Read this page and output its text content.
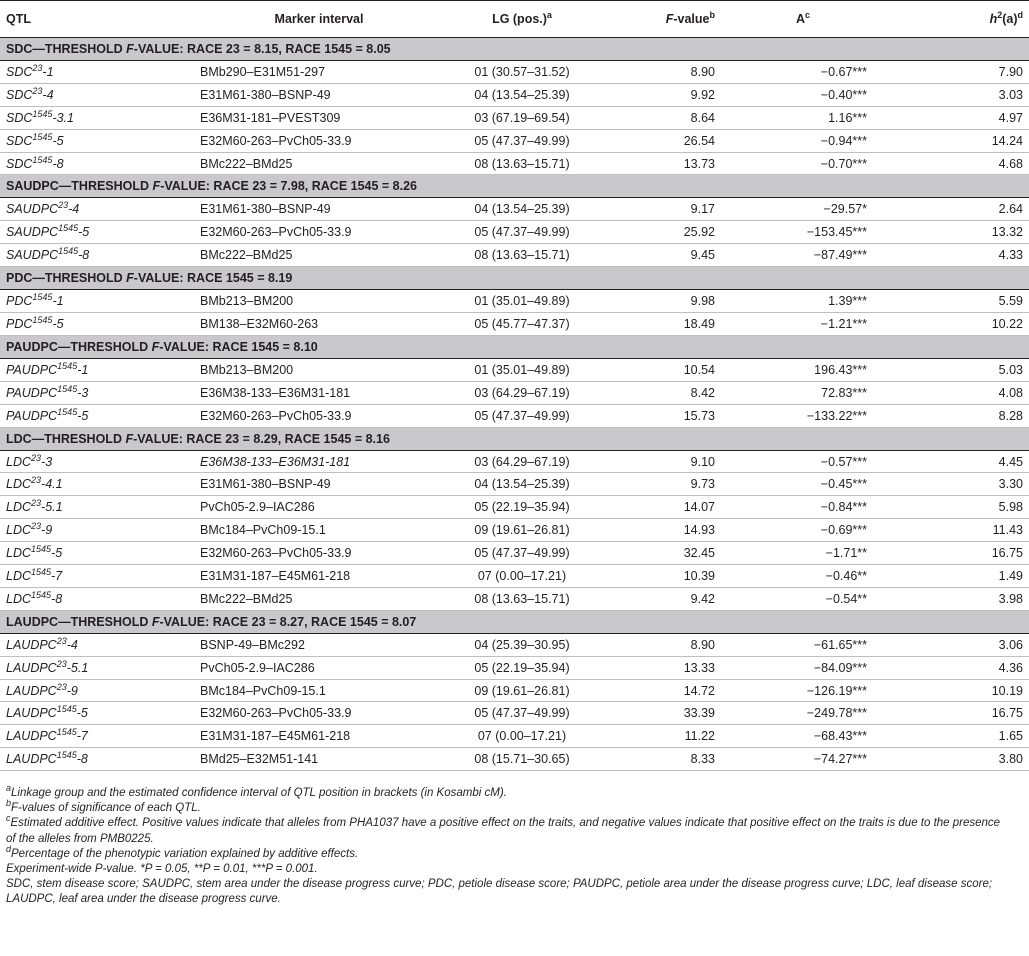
QTL	Marker interval	LG $(pos.)^a$	F-value$^b$	$A^c$	$h^2(a)^d$
SDC—THRESHOLD F-VALUE: RACE 23 = 8.15, RACE 1545 = 8.05					
SDC$^{23}$-1	BMb290–E31M51-297	01 (30.57–31.52)	8.90	−0.67***	7.90
SDC$^{23}$-4	E31M61-380–BSNP-49	04 (13.54–25.39)	9.92	−0.40***	3.03
$SDC^{1545}-3.1$	E36M31-181–PVEST309	03 (67.19–69.54)	8.64	1.16***	4.97
$SDC^{1545}-5$	E32M60-263–PvCh05-33.9	05 (47.37–49.99)	26.54	−0.94***	14.24
$SDC^{1545}-8$	BMc222–BMd25	08 (13.63–15.71)	13.73	−0.70***	4.68
SAUDPC—THRESHOLD F-VALUE: RACE 23 = 7.98, RACE 1545 = 8.26					
SAUDPC$^{23}$-4	E31M61-380–BSNP-49	04 (13.54–25.39)	9.17	−29.57*	2.64
$SAUDPC^{1545}-5$	E32M60-263–PvCh05-33.9	05 (47.37–49.99)	25.92	−153.45***	13.32
$SAUDPC^{1545}-8$	BMc222–BMd25	08 (13.63–15.71)	9.45	−87.49***	4.33
PDC—THRESHOLD F-VALUE: RACE 1545 = 8.19					
$PDC^{1545}-1$	BMb213–BM200	01 (35.01–49.89)	9.98	1.39***	5.59
$PDC^{1545}-5$	BM138–E32M60-263	05 (45.77–47.37)	18.49	−1.21***	10.22
PAUDPC—THRESHOLD F-VALUE: RACE 1545 = 8.10					
$PAUDPC^{1545}-1$	BMb213–BM200	01 (35.01–49.89)	10.54	196.43***	5.03
$PAUDPC^{1545}-3$	E36M38-133–E36M31-181	03 (64.29–67.19)	8.42	72.83***	4.08
$PAUDPC^{1545}-5$	E32M60-263–PvCh05-33.9	05 (47.37–49.99)	15.73	−133.22***	8.28
LDC—THRESHOLD F-VALUE: RACE 23 = 8.29, RACE 1545 = 8.16					
LDC$^{23}$-3	E36M38-133–E36M31-181	03 (64.29–67.19)	9.10	−0.57***	4.45
LDC$^{23}$-4.1	E31M61-380–BSNP-49	04 (13.54–25.39)	9.73	−0.45***	3.30
LDC$^{23}$-5.1	PvCh05-2.9–IAC286	05 (22.19–35.94)	14.07	−0.84***	5.98
LDC$^{23}$-9	BMc184–PvCh09-15.1	09 (19.61–26.81)	14.93	−0.69***	11.43
$LDC^{1545}-5$	E32M60-263–PvCh05-33.9	05 (47.37–49.99)	32.45	−1.71**	16.75
$LDC^{1545}-7$	E31M31-187–E45M61-218	07 (0.00–17.21)	10.39	−0.46**	1.49
$LDC^{1545}-8$	BMc222–BMd25	08 (13.63–15.71)	9.42	−0.54**	3.98
LAUDPC—THRESHOLD F-VALUE: RACE 23 = 8.27, RACE 1545 = 8.07					
LAUDPC$^{23}$-4	BSNP-49–BMc292	04 (25.39–30.95)	8.90	−61.65***	3.06
LAUDPC$^{23}$-5.1	PvCh05-2.9–IAC286	05 (22.19–35.94)	13.33	−84.09***	4.36
LAUDPC$^{23}$-9	BMc184–PvCh09-15.1	09 (19.61–26.81)	14.72	−126.19***	10.19
$LAUDPC^{1545}-5$	E32M60-263–PvCh05-33.9	05 (47.37–49.99)	33.39	−249.78***	16.75
$LAUDPC^{1545}-7$	E31M31-187–E45M61-218	07 (0.00–17.21)	11.22	−68.43***	1.65
$LAUDPC^{1545}-8$	BMd25–E32M51-141	08 (15.71–30.65)	8.33	−74.27***	3.80

$^a$Linkage group and the estimated confidence interval of QTL position in brackets (in Kosambi cM).

$^b$F-values of significance of each QTL.

$^c$Estimated additive effect. Positive values indicate that alleles from PHA1037 have a positive effect on the traits, and negative values indicate that positive effect on the traits is due to the presence of the alleles from PMB0225.

$^d$Percentage of the phenotypic variation explained by additive effects.

Experiment-wide P-value. *P = 0.05, **P = 0.01, ***P = 0.001.

SDC, stem disease score; SAUDPC, stem area under the disease progress curve; PDC, petiole disease score; PAUDPC, petiole area under the disease progress curve; LDC, leaf disease score; LAUDPC, leaf area under the disease progress curve.
